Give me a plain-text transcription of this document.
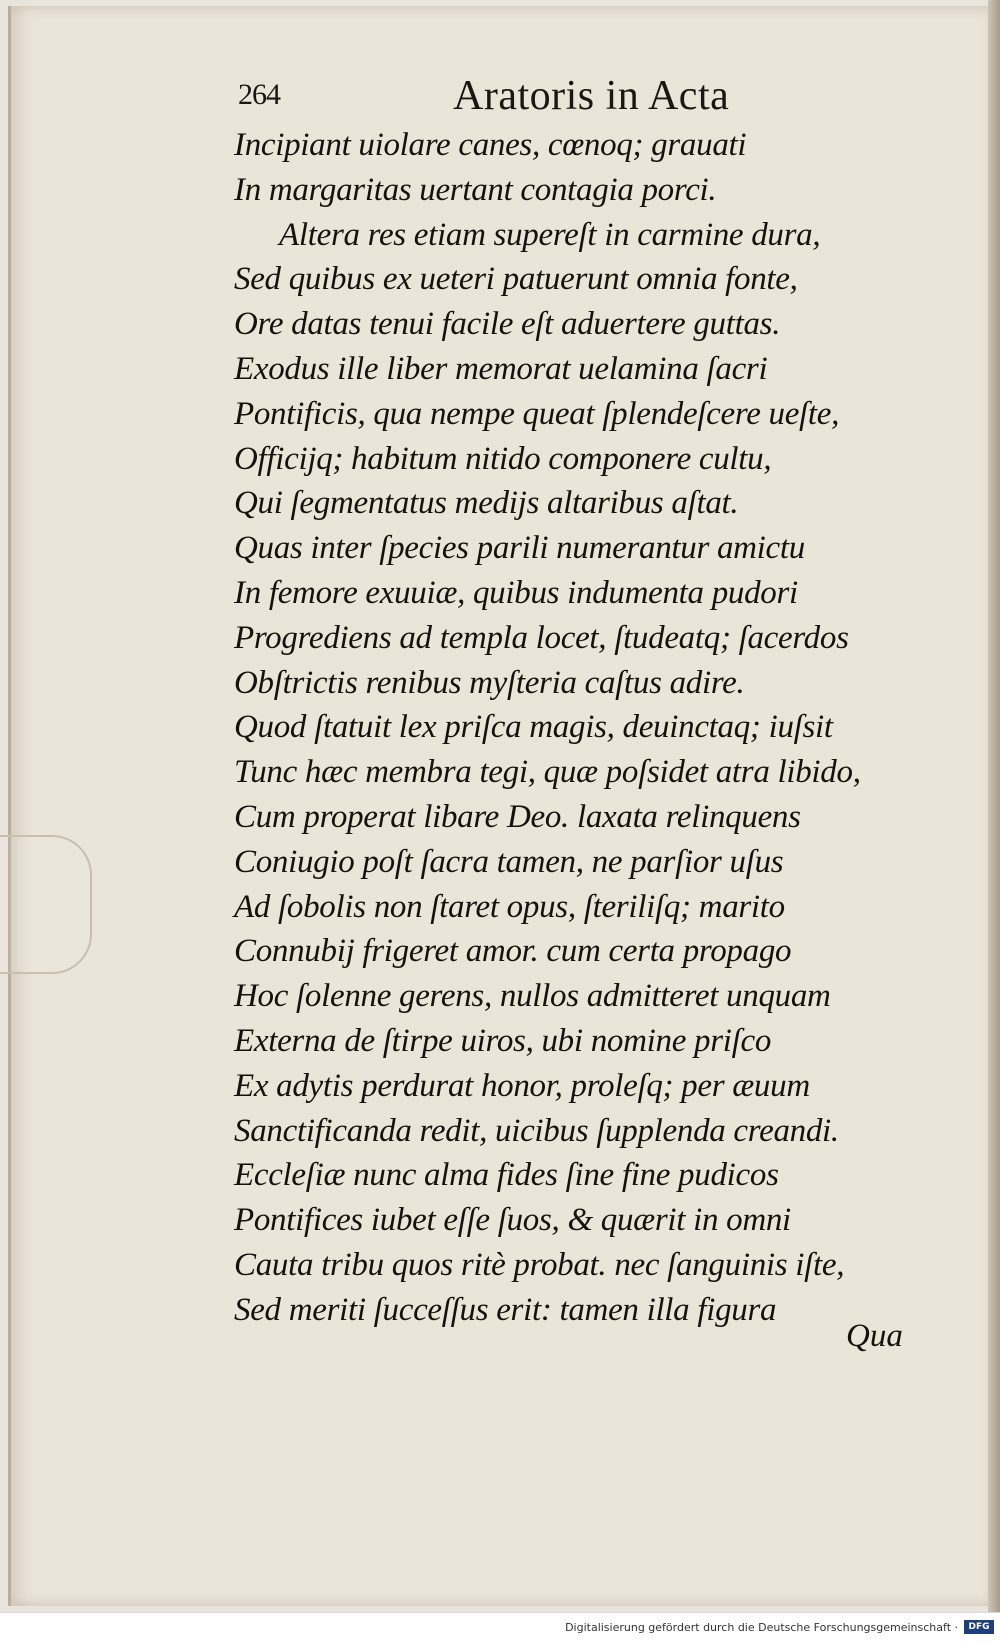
264	Aratoris in Acta
Incipiant uiolare canes, cœnoq; grauati
In margaritas uertant contagia porci.
Altera res etiam supereſt in carmine dura,
Sed quibus ex ueteri patuerunt omnia fonte,
Ore datas tenui facile eſt aduertere guttas.
Exodus ille liber memorat uelamina ſacri
Pontificis, qua nempe queat ſplendeſcere ueſte,
Officijq; habitum nitido componere cultu,
Qui ſegmentatus medijs altaribus aſtat.
Quas inter ſpecies parili numerantur amictu
In femore exuuiæ, quibus indumenta pudori
Progrediens ad templa locet, ſtudeatq; ſacerdos
Obſtrictis renibus myſteria caſtus adire.
Quod ſtatuit lex priſca magis, deuinctaq; iuſsit
Tunc hæc membra tegi, quæ poſsidet atra libido,
Cum properat libare Deo. laxata relinquens
Coniugio poſt ſacra tamen, ne parſior uſus
Ad ſobolis non ſtaret opus, ſteriliſq; marito
Connubij frigeret amor. cum certa propago
Hoc ſolenne gerens, nullos admitteret unquam
Externa de ſtirpe uiros, ubi nomine priſco
Ex adytis perdurat honor, proleſq; per æuum
Sanctificanda redit, uicibus ſupplenda creandi.
Eccleſiæ nunc alma fides ſine fine pudicos
Pontifices iubet eſſe ſuos, & quærit in omni
Cauta tribu quos ritè probat. nec ſanguinis iſte,
Sed meriti ſucceſſus erit: tamen illa figura
Qua
Digitalisierung gefördert durch die Deutsche Forschungsgemeinschaft ·	DFG
